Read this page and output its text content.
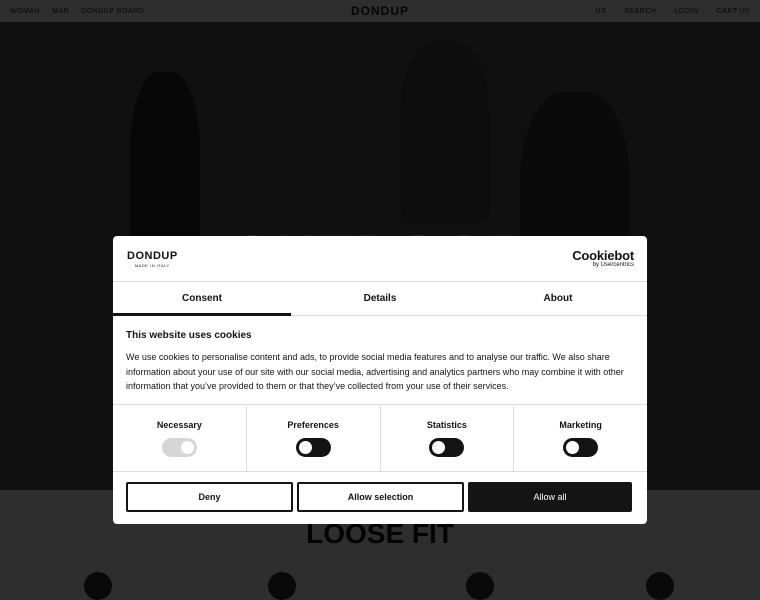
DONDUP
MADE IN ITALY
Cookiebot
by Usercentrics
Consent	Details	About
This website uses cookies

We use cookies to personalise content and ads, to provide social media features and to analyse our traffic. We also share information about your use of our site with our social media, advertising and analytics partners who may combine it with other information that you’ve provided to them or that they’ve collected from your use of their services.

Necessary	Preferences	Statistics	Marketing
Deny	Allow selection	Allow all
